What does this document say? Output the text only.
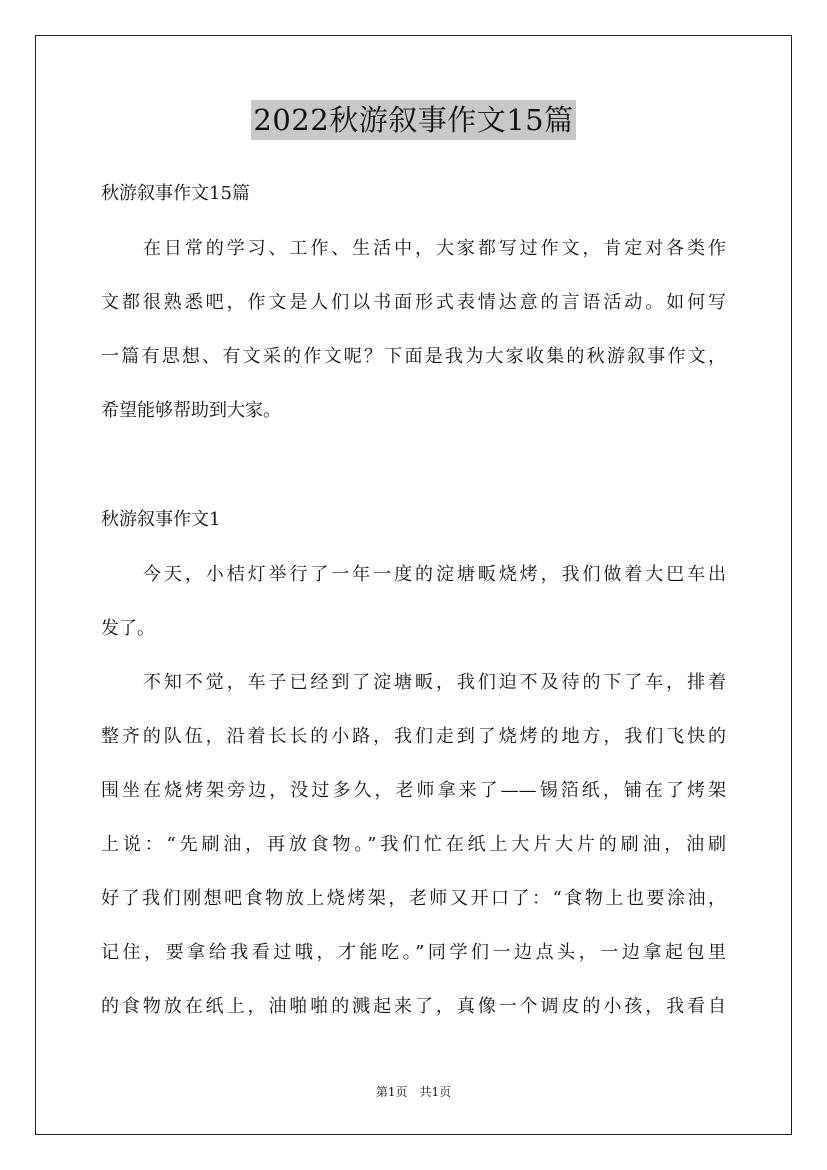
2022秋游叙事作文15篇
秋游叙事作文15篇
在日常的学习、工作、生活中，大家都写过作文，肯定对各类作
文都很熟悉吧，作文是人们以书面形式表情达意的言语活动。如何写
一篇有思想、有文采的作文呢？下面是我为大家收集的秋游叙事作文，
希望能够帮助到大家。
秋游叙事作文1
今天，小桔灯举行了一年一度的淀塘畈烧烤，我们做着大巴车出
发了。
不知不觉，车子已经到了淀塘畈，我们迫不及待的下了车，排着
整齐的队伍，沿着长长的小路，我们走到了烧烤的地方，我们飞快的
围坐在烧烤架旁边，没过多久，老师拿来了——锡箔纸，铺在了烤架
上说：“先刷油，再放食物。”我们忙在纸上大片大片的刷油，油刷
好了我们刚想吧食物放上烧烤架，老师又开口了：“食物上也要涂油，
记住，要拿给我看过哦，才能吃。”同学们一边点头，一边拿起包里
的食物放在纸上，油啪啪的溅起来了，真像一个调皮的小孩，我看自
第1页　共1页
